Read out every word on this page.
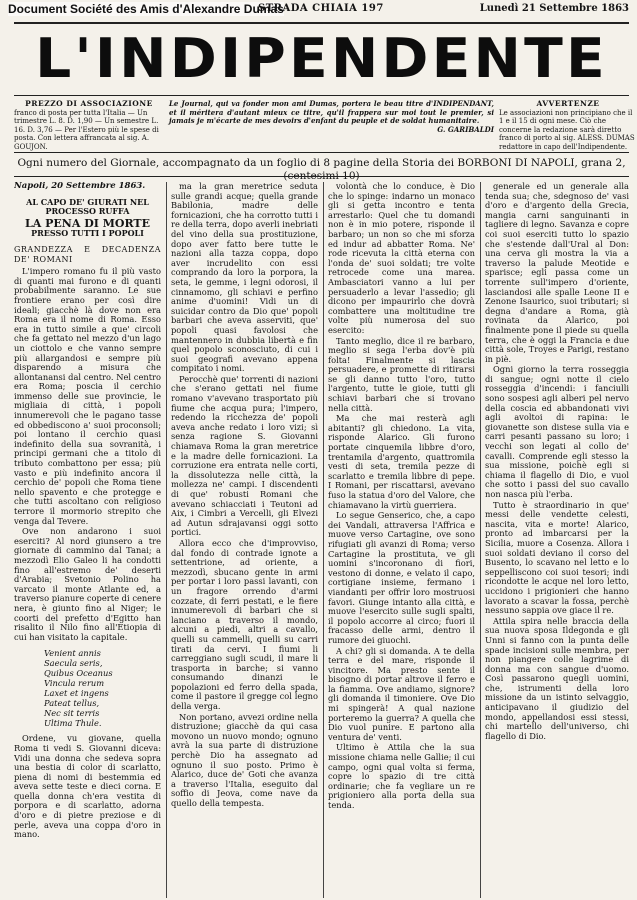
Document Société des Amis d'Alexandre Dumas
STRADA CHIAIA 197	Lunedì 21 Settembre 1863
L'INDIPENDENTE
PREZZO DI ASSOCIAZIONE
franco di posta per tutta l'Italia — Un trimestre L. 8. D. 1,90 — Un semestre L. 16. D. 3,76 — Per l'Estero più le spese di posta. Con lettera affrancata al sig. A. GOUJON.
Le Journal, qui va fonder mon ami Dumas, portera le beau titre d'INDIPENDANT, et il méritera d'autant mieux ce titre, qu'il frappera sur moi tout le premier, si jamais je m'écarte de mes devoirs d'enfant du peuple et de soldat humanitaire.
G. GARIBALDI
AVVERTENZE
Le associazioni non principiano che il 1 e il 15 di ogni mese. Ciò che concerne la redazione sarà diretto franco di porto al sig. ALESS. DUMAS redattore in capo dell'Indipendente.
Ogni numero del Giornale, accompagnato da un foglio di 8 pagine della Storia dei BORBONI DI NAPOLI, grana 2, (centesimi 10)
Napoli, 20 Settembre 1863.
AL CAPO DE' GIURATI NEL PROCESSO RUFFA
LA PENA DI MORTE
PRESSO TUTTI I POPOLI
GRANDEZZA E DECADENZA DE' ROMANI

L'impero romano fu il più vasto di quanti mai furono e di quanti probabilmente saranno. Le sue frontiere erano per così dire ideali; giacchè là dove non era Roma era il nome di Roma. Esso era in tutto simile a que' circoli che fa gettato nel mezzo d'un lago un ciottolo e che vanno sempre più allargandosi e sempre più disparendo a misura che allontanansi dal centro. Nel centro era Roma; poscia il cerchio immenso delle sue provincie, le migliaia di città, i popoli innumerevoli che le pagano tasse ed obbediscono a' suoi proconsoli; poi lontano il cerchio quasi indefinito della sua sovranità, i principi germani che a titolo di tributo combattono per essa; più vasto e più indefinito ancora il cerchio de' popoli che Roma tiene nello spavento e che protegge e che tutti ascoltano con religioso terrore il mormorio strepito che venga dal Tevere.

Ove non andarono i suoi eserciti? Al nord giunsero a tre giornate di cammino dal Tanai; a mezzodì Elio Galeo li ha condotti fino all'estremo de' deserti d'Arabia; Svetonio Polino ha varcato il monte Atlante ed, a traverso pianure coperte di cenere nera, è giunto fino al Niger; le coorti del prefetto d'Egitto han risalito il Nilo fino all'Etiopia di cui han visitato la capitale.

Venient annis
Saecula seris,
Quibus Oceanus
Vincula rerum
Laxet et ingens
Pateat tellus,
Nec sit terris
Ultima Thule.

Ordene, vu giovane, quella Roma ti vedi S. Giovanni diceva: Vidi una donna che sedeva sopra una bestia di color di scarlatto, piena di nomi di bestemmia ed aveva sette teste e dieci corna. E quella donna ch'era vestita di porpora e di scarlatto, adorna d'oro e di pietre preziose e di perle, aveva una coppa d'oro in mano.

ma la gran meretrice seduta sulle grandi acque; quella grande Babilonia, madre delle fornicazioni, che ha corrotto tutti i re della terra, dopo averli inebriati del vino della sua prostituzione, dopo aver fatto bere tutte le nazioni alla tazza coppa, dopo aver incrudelito con essi comprando da loro la porpora, la seta, le gemme, i legni odorosi, il cinnamomo, gli schiavi e perfino anime d'uomini! Vidi un di suicidar contro da Dio que' popoli barbari che aveva asserviti, que' popoli quasi favolosi che mantennero in dubbia libertà e fin quel popolo sconosciuto, di cui i suoi geografi avevano appena compitato i nomi.

Perocchè que' torrenti di nazioni che s'erano gettati nel fiume romano v'avevano trasportato più fiume che acqua pura; l'impero, redendo la ricchezza de' popoli aveva anche redato i loro vizi; sì senza ragione S. Giovanni chiamava Roma la gran meretrice e la madre delle fornicazioni. La corruzione era entrata nelle corti, la dissolutezza nelle città, la mollezza ne' campi. I discendenti di que' robusti Romani che avevano schiacciati i Teutoni ad Aix, i Cimbri a Vercelli, gli Elvezi ad Autun sdrajavansi oggi sotto portici.

Allora ecco che d'improvviso, dal fondo di contrade ignote a settentrione, ad oriente, a mezzodì, sbucano gente in armi per portar i loro passi lavanti, con un fragore orrendo d'armi cozzate, di ferri pestati, e le fiere innumerevoli di barbari che si lanciano a traverso il mondo, alcuni a piedi, altri a cavallo, quelli su cammelli, quelli su carri tirati da cervi. I fiumi li carreggiano sugli scudi, il mare li trasporta in barche; si vanno consumando dinanzi le popolazioni ed ferro della spada, come il pastore il gregge col legno della verga.

Non portano, avvezi ordine nella distruzione; giacchè da qui casa movono un nuovo mondo; ognuno avrà la sua parte di distruzione perchè Dio ha assegnato ad ognuno il suo posto. Primo è Alarico, duce de' Goti che avanza a traverso l'Italia, eseguito dal soffio di Jeova, come nave da quello della tempesta.

volontà che lo conduce, è Dio che lo spinge: indarno un monaco gli si getta incontro e tenta arrestarlo: Quel che tu domandi non è in mio potere, risponde il barbaro; un non so che mi sforza ed indur ad abbatter Roma. Ne' rode ricevuta la città eterna con l'onda de' suoi soldati; tre volte retrocede come una marea. Ambasciatori vanno a lui per persuaderlo a levar l'assedio; gli dicono per impaurirlo che dovrà combattere una moltitudine tre volte più numerosa del suo esercito:

Tanto meglio, dice il re barbaro, meglio si sega l'erba dov'è più folta! Finalmente si lascia persuadere, e promette di ritirarsi se gli danno tutto l'oro, tutto l'argento, tutte le gioie, tutti gli schiavi barbari che si trovano nella città.

Ma che mai resterà agli abitanti? gli chiedono. La vita, risponde Alarico. Gli furono portate cinquemila libbre d'oro, trentamila d'argento, quattromila vesti di seta, tremila pezze di scarlatto e tremila libbre di pepe. I Romani, per riscattarsi, avevano fuso la statua d'oro del Valore, che chiamavano la virtù guerriera.

Lo segue Genserico, che, a capo dei Vandali, attraversa l'Affrica e muove verso Cartagine, ove sono rifugiati gli avanzi di Roma; verso Cartagine la prostituta, ve gli uomini s'incoronano di fiori, vestono di donne, e velato il capo, cortigiane insieme, fermano i viandanti per offrir loro mostruosi favori. Giunge intanto alla città, e muove l'esercito sulle sugli spalti, il popolo accorre al circo; fuori il fracasso delle armi, dentro il rumore dei giuochi.

A chi? gli si domanda. A te della terra e del mare, risponde il vincitore. Ma presto sente il bisogno di portar altrove il ferro e la fiamma. Ove andiamo, signore? gli domanda il timoniere. Ove Dio mi spingerà! A qual nazione porteremo la guerra? A quella che Dio vuol punire. E partono alla ventura de' venti.

Ultimo è Attila che la sua missione chiama nelle Gallie; il cui campo, ogni qual volta si ferma, copre lo spazio di tre città ordinarie; che fa vegliare un re prigioniero alla porta della sua tenda.

generale ed un generale alla tenda sua; che, sdegnoso de' vasi d'oro e d'argento della Grecia, mangia carni sanguinanti in tagliere di legno. Savanza e copre coi suoi eserciti tutto lo spazio che s'estende dall'Ural al Don: una cerva gli mostra la via a traverso la palude Meotide e sparisce; egli passa come un torrente sull'impero d'oriente, lasciandosi alle spalle Leone II e Zenone Isaurico, suoi tributari; si degna d'andare a Roma, già rovinata da Alarico, poi finalmente pone il piede su quella terra, che è oggi la Francia e due città sole, Troyes e Parigi, restano in piè.

Ogni giorno la terra rosseggia di sangue; ogni notte il cielo rosseggia d'incendi: i fanciulli sono sospesi agli alberi pel nervo della coscia ed abbandonati vivi agli avoltoi di rapina: le giovanette son distese sulla via e carri pesanti passano su loro; i vecchi son legati al collo de' cavalli. Comprende egli stesso la sua missione, poichè egli si chiama il flagello di Dio, e vuol che sotto i passi del suo cavallo non nasca più l'erba.

Tutto è straordinario in que' messi delle vendette celesti, nascita, vita e morte! Alarico, pronto ad imbarcarsi per la Sicilia, muore a Cosenza. Allora i suoi soldati deviano il corso del Busento, lo scavano nel letto e lo seppelliscono coi suoi tesori; indi ricondotte le acque nel loro letto, uccidono i prigionieri che hanno lavorato a scavar la fossa, perchè nessuno sappia ove giace il re.

Attila spira nelle braccia della sua nuova sposa Ildegonda e gli Unni si fanno con la punta delle spade incisioni sulle membra, per non piangere colle lagrime di donna ma con sangue d'uomo. Così passarono quegli uomini, che, istrumenti della loro missione da un istinto selvaggio, anticipavano il giudizio del mondo, appellandosi essi stessi, chi martello dell'universo, chi flagello di Dio.
